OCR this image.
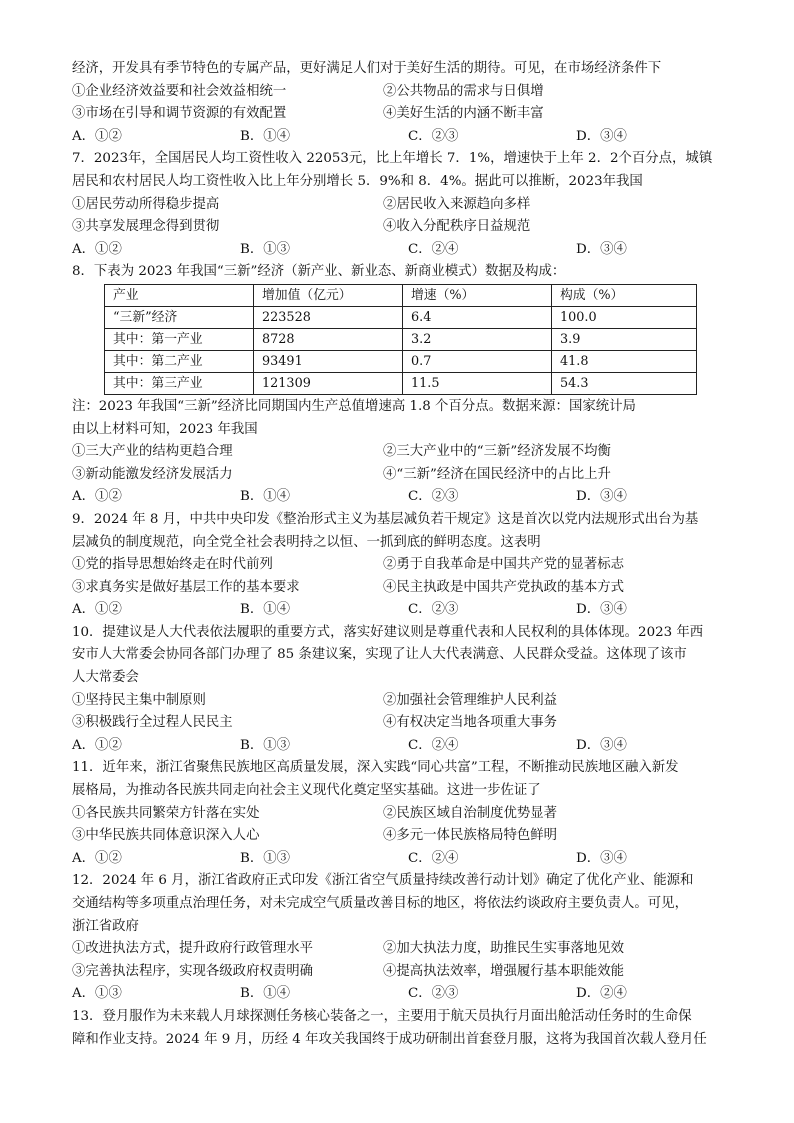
经济，开发具有季节特色的专属产品，更好满足人们对于美好生活的期待。可见，在市场经济条件下
①企业经济效益要和社会效益相统一	②公共物品的需求与日俱增
③市场在引导和调节资源的有效配置	④美好生活的内涵不断丰富
A．①②	B．①④	C．②③	D．③④
7．2023年，全国居民人均工资性收入 22053元，比上年增长 7．1%，增速快于上年 2．2个百分点，城镇
居民和农村居民人均工资性收入比上年分别增长 5．9%和 8．4%。据此可以推断，2023年我国
①居民劳动所得稳步提高	②居民收入来源趋向多样
③共享发展理念得到贯彻	④收入分配秩序日益规范
A．①②	B．①③	C．②④	D．③④
8．下表为 2023 年我国“三新”经济（新产业、新业态、新商业模式）数据及构成：
产业	增加值（亿元）	增速（%）	构成（%）
“三新”经济	223528	6.4	100.0
其中：第一产业	8728	3.2	3.9
其中：第二产业	93491	0.7	41.8
其中：第三产业	121309	11.5	54.3
注：2023 年我国“三新”经济比同期国内生产总值增速高 1.8 个百分点。数据来源：国家统计局
由以上材料可知，2023 年我国
①三大产业的结构更趋合理	②三大产业中的“三新”经济发展不均衡
③新动能激发经济发展活力	④“三新”经济在国民经济中的占比上升
A．①②	B．①④	C．②③	D．③④
9．2024 年 8 月，中共中央印发《整治形式主义为基层减负若干规定》这是首次以党内法规形式出台为基
层减负的制度规范，向全党全社会表明持之以恒、一抓到底的鲜明态度。这表明
①党的指导思想始终走在时代前列	②勇于自我革命是中国共产党的显著标志
③求真务实是做好基层工作的基本要求	④民主执政是中国共产党执政的基本方式
A．①②	B．①④	C．②③	D．③④
10．提建议是人大代表依法履职的重要方式，落实好建议则是尊重代表和人民权利的具体体现。2023 年西
安市人大常委会协同各部门办理了 85 条建议案，实现了让人大代表满意、人民群众受益。这体现了该市
人大常委会
①坚持民主集中制原则	②加强社会管理维护人民利益
③积极践行全过程人民民主	④有权决定当地各项重大事务
A．①②	B．①③	C．②④	D．③④
11．近年来，浙江省聚焦民族地区高质量发展，深入实践“同心共富”工程，不断推动民族地区融入新发
展格局，为推动各民族共同走向社会主义现代化奠定坚实基础。这进一步佐证了
①各民族共同繁荣方针落在实处	②民族区域自治制度优势显著
③中华民族共同体意识深入人心	④多元一体民族格局特色鲜明
A．①②	B．①③	C．②④	D．③④
12．2024 年 6 月，浙江省政府正式印发《浙江省空气质量持续改善行动计划》确定了优化产业、能源和
交通结构等多项重点治理任务，对未完成空气质量改善目标的地区，将依法约谈政府主要负责人。可见，
浙江省政府
①改进执法方式，提升政府行政管理水平	②加大执法力度，助推民生实事落地见效
③完善执法程序，实现各级政府权责明确	④提高执法效率，增强履行基本职能效能
A．①③	B．①④	C．②③	D．②④
13．登月服作为未来载人月球探测任务核心装备之一，主要用于航天员执行月面出舱活动任务时的生命保
障和作业支持。2024 年 9 月，历经 4 年攻关我国终于成功研制出首套登月服，这将为我国首次载人登月任
